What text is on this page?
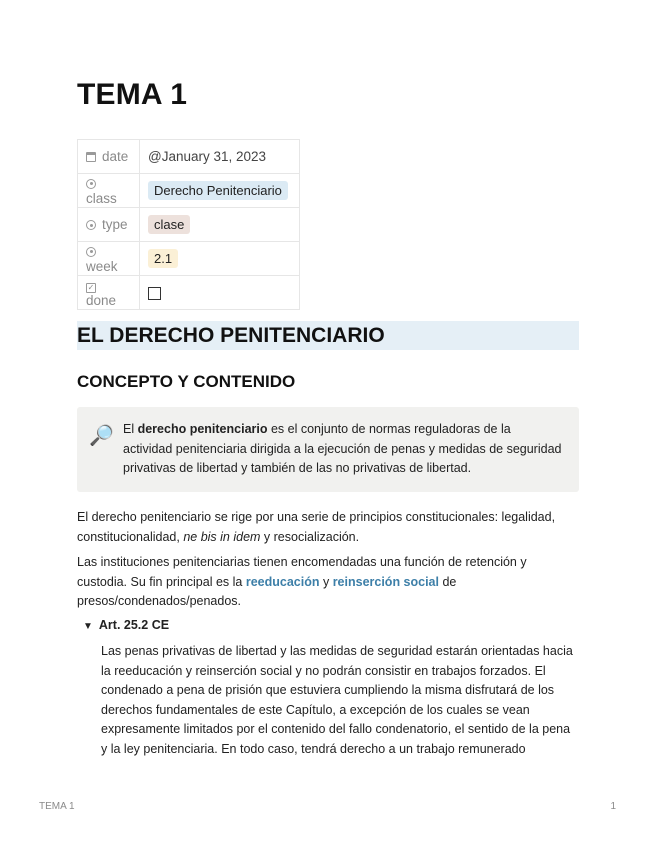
TEMA 1
date	@January 31, 2023
class	Derecho Penitenciario
type	clase
week	2.1
✓done	
EL DERECHO PENITENCIARIO
CONCEPTO Y CONTENIDO
🔎 El derecho penitenciario es el conjunto de normas reguladoras de la actividad penitenciaria dirigida a la ejecución de penas y medidas de seguridad privativas de libertad y también de las no privativas de libertad.
El derecho penitenciario se rige por una serie de principios constitucionales: legalidad, constitucionalidad, ne bis in idem y resocialización.
Las instituciones penitenciarias tienen encomendadas una función de retención y custodia. Su fin principal es la reeducación y reinserción social de presos/condenados/penados.
▼ Art. 25.2 CE
Las penas privativas de libertad y las medidas de seguridad estarán orientadas hacia la reeducación y reinserción social y no podrán consistir en trabajos forzados. El condenado a pena de prisión que estuviera cumpliendo la misma disfrutará de los derechos fundamentales de este Capítulo, a excepción de los cuales se vean expresamente limitados por el contenido del fallo condenatorio, el sentido de la pena y la ley penitenciaria. En todo caso, tendrá derecho a un trabajo remunerado
TEMA 1	1
